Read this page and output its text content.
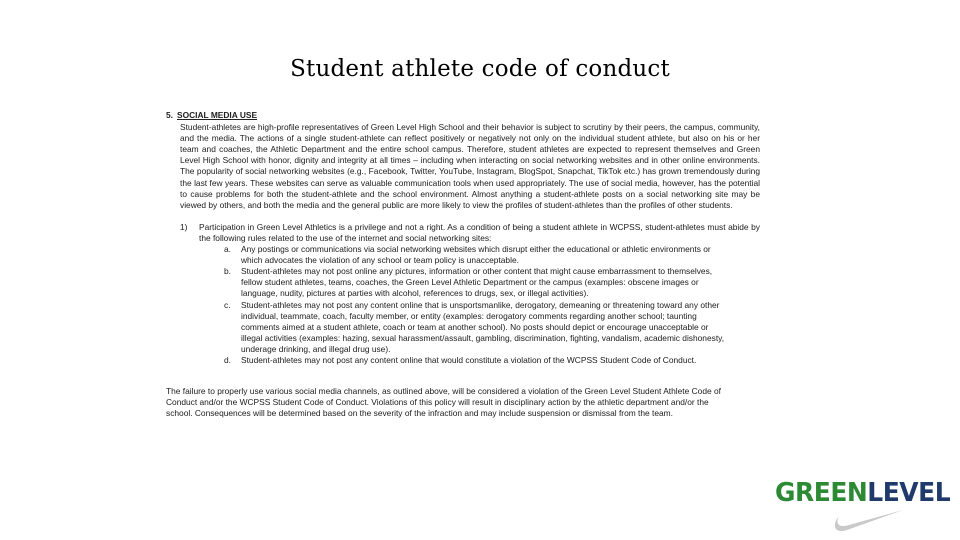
Student athlete code of conduct
5. SOCIAL MEDIA USE
Student-athletes are high-profile representatives of Green Level High School and their behavior is subject to scrutiny by their peers, the campus, community, and the media. The actions of a single student-athlete can reflect positively or negatively not only on the individual student athlete, but also on his or her team and coaches, the Athletic Department and the entire school campus. Therefore, student athletes are expected to represent themselves and Green Level High School with honor, dignity and integrity at all times – including when interacting on social networking websites and in other online environments. The popularity of social networking websites (e.g., Facebook, Twitter, YouTube, Instagram, BlogSpot, Snapchat, TikTok etc.) has grown tremendously during the last few years. These websites can serve as valuable communication tools when used appropriately. The use of social media, however, has the potential to cause problems for both the student-athlete and the school environment. Almost anything a student-athlete posts on a social networking site may be viewed by others, and both the media and the general public are more likely to view the profiles of student-athletes than the profiles of other students.
1)	Participation in Green Level Athletics is a privilege and not a right. As a condition of being a student athlete in WCPSS, student-athletes must abide by the following rules related to the use of the internet and social networking sites:
a.	Any postings or communications via social networking websites which disrupt either the educational or athletic environments or which advocates the violation of any school or team policy is unacceptable.
b.	Student-athletes may not post online any pictures, information or other content that might cause embarrassment to themselves, fellow student athletes, teams, coaches, the Green Level Athletic Department or the campus (examples: obscene images or language, nudity, pictures at parties with alcohol, references to drugs, sex, or illegal activities).
c.	Student-athletes may not post any content online that is unsportsmanlike, derogatory, demeaning or threatening toward any other individual, teammate, coach, faculty member, or entity (examples: derogatory comments regarding another school; taunting comments aimed at a student athlete, coach or team at another school). No posts should depict or encourage unacceptable or illegal activities (examples: hazing, sexual harassment/assault, gambling, discrimination, fighting, vandalism, academic dishonesty, underage drinking, and illegal drug use).
d.	Student-athletes may not post any content online that would constitute a violation of the WCPSS Student Code of Conduct.
The failure to properly use various social media channels, as outlined above, will be considered a violation of the Green Level Student Athlete Code of Conduct and/or the WCPSS Student Code of Conduct. Violations of this policy will result in disciplinary action by the athletic department and/or the school. Consequences will be determined based on the severity of the infraction and may include suspension or dismissal from the team.
GREENLEVEL
